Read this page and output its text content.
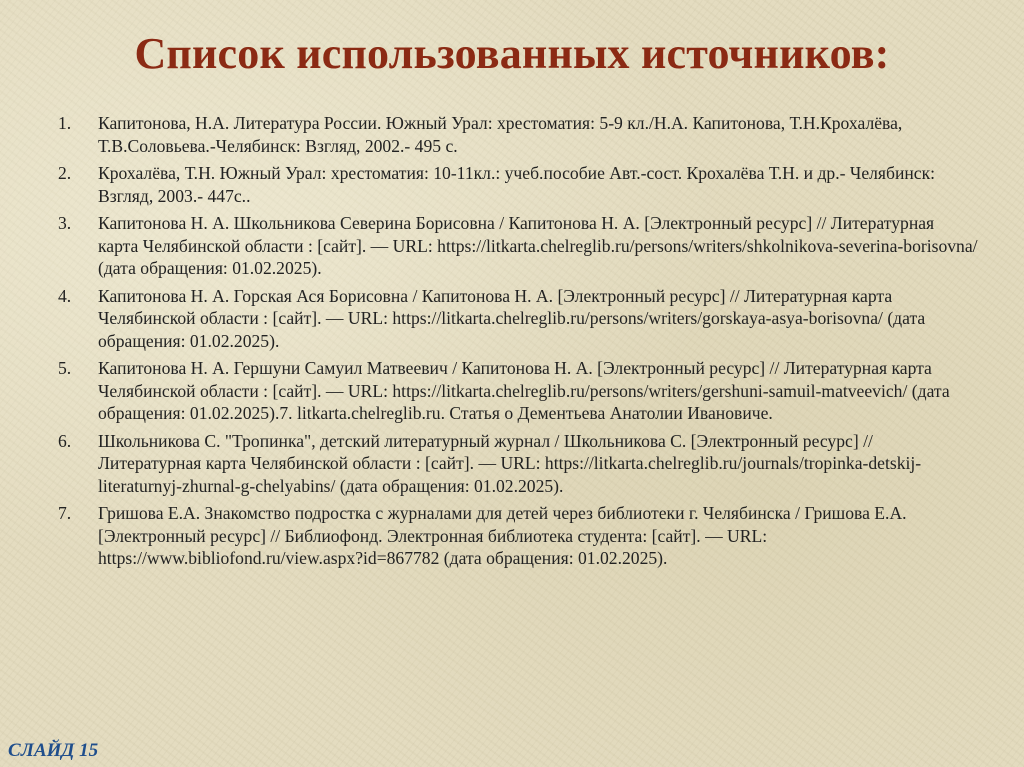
Список использованных источников:
1.	Капитонова, Н.А. Литература России. Южный Урал: хрестоматия: 5-9 кл./Н.А. Капитонова, Т.Н.Крохалёва, Т.В.Соловьева.-Челябинск: Взгляд, 2002.- 495 с.
2.	Крохалёва, Т.Н. Южный Урал: хрестоматия: 10-11кл.: учеб.пособие Авт.-сост. Крохалёва Т.Н. и др.- Челябинск: Взгляд, 2003.- 447с..
3.	Капитонова Н. А. Школьникова Северина Борисовна / Капитонова Н. А. [Электронный ресурс] // Литературная карта Челябинской области : [сайт]. — URL: https://litkarta.chelreglib.ru/persons/writers/shkolnikova-severina-borisovna/ (дата обращения: 01.02.2025).
4.	Капитонова Н. А. Горская Ася Борисовна / Капитонова Н. А. [Электронный ресурс] // Литературная карта Челябинской области : [сайт]. — URL: https://litkarta.chelreglib.ru/persons/writers/gorskaya-asya-borisovna/ (дата обращения: 01.02.2025).
5.	Капитонова Н. А. Гершуни Самуил Матвеевич / Капитонова Н. А. [Электронный ресурс] // Литературная карта Челябинской области : [сайт]. — URL: https://litkarta.chelreglib.ru/persons/writers/gershuni-samuil-matveevich/ (дата обращения: 01.02.2025).7. litkarta.chelreglib.ru. Статья о Дементьева Анатолии Ивановиче.
6.	Школьникова С. "Тропинка", детский литературный журнал / Школьникова С. [Электронный ресурс] // Литературная карта Челябинской области : [сайт]. — URL: https://litkarta.chelreglib.ru/journals/tropinka-detskij-literaturnyj-zhurnal-g-chelyabins/ (дата обращения: 01.02.2025).
7.	Гришова Е.А. Знакомство подростка с журналами для детей через библиотеки г. Челябинска / Гришова Е.А. [Электронный ресурс] // Библиофонд. Электронная библиотека студента: [сайт]. — URL: https://www.bibliofond.ru/view.aspx?id=867782 (дата обращения: 01.02.2025).
СЛАЙД 15
